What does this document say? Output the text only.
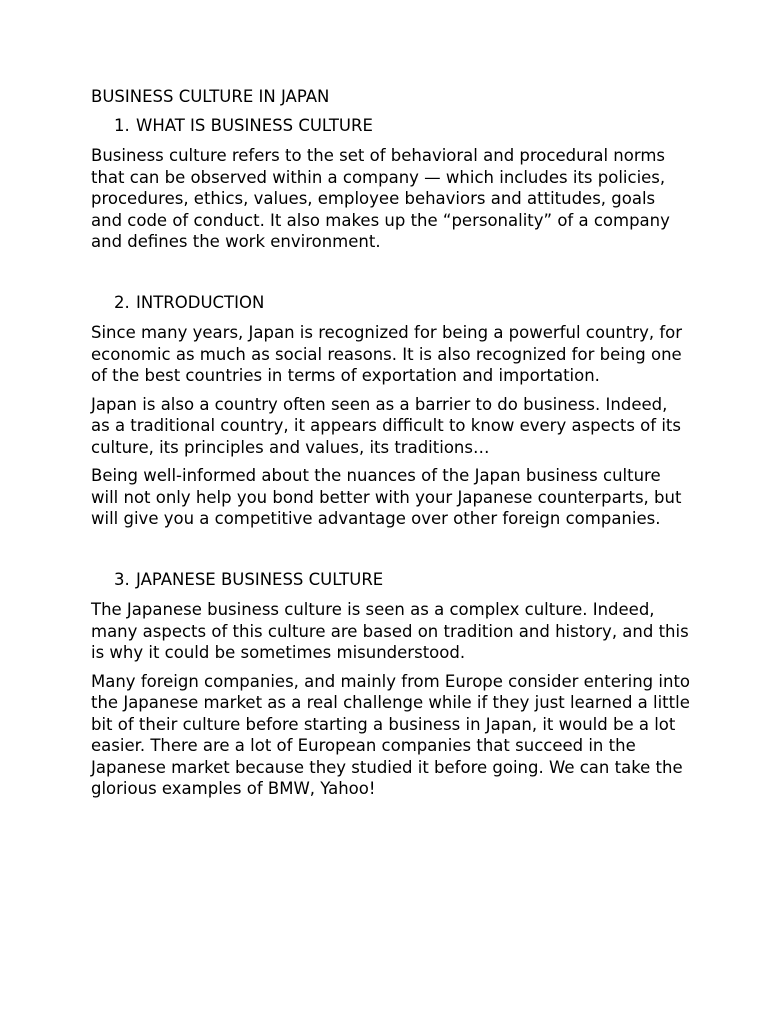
BUSINESS CULTURE IN JAPAN
1. WHAT IS BUSINESS CULTURE

Business culture refers to the set of behavioral and procedural norms that can be observed within a company — which includes its policies, procedures, ethics, values, employee behaviors and attitudes, goals and code of conduct. It also makes up the “personality” of a company and defines the work environment.

2. INTRODUCTION

Since many years, Japan is recognized for being a powerful country, for economic as much as social reasons. It is also recognized for being one of the best countries in terms of exportation and importation.

Japan is also a country often seen as a barrier to do business. Indeed, as a traditional country, it appears difficult to know every aspects of its culture, its principles and values, its traditions…

Being well-informed about the nuances of the Japan business culture will not only help you bond better with your Japanese counterparts, but will give you a competitive advantage over other foreign companies.

3. JAPANESE BUSINESS CULTURE

The Japanese business culture is seen as a complex culture. Indeed, many aspects of this culture are based on tradition and history, and this is why it could be sometimes misunderstood.

Many foreign companies, and mainly from Europe consider entering into the Japanese market as a real challenge while if they just learned a little bit of their culture before starting a business in Japan, it would be a lot easier. There are a lot of European companies that succeed in the Japanese market because they studied it before going. We can take the glorious examples of BMW, Yahoo!
